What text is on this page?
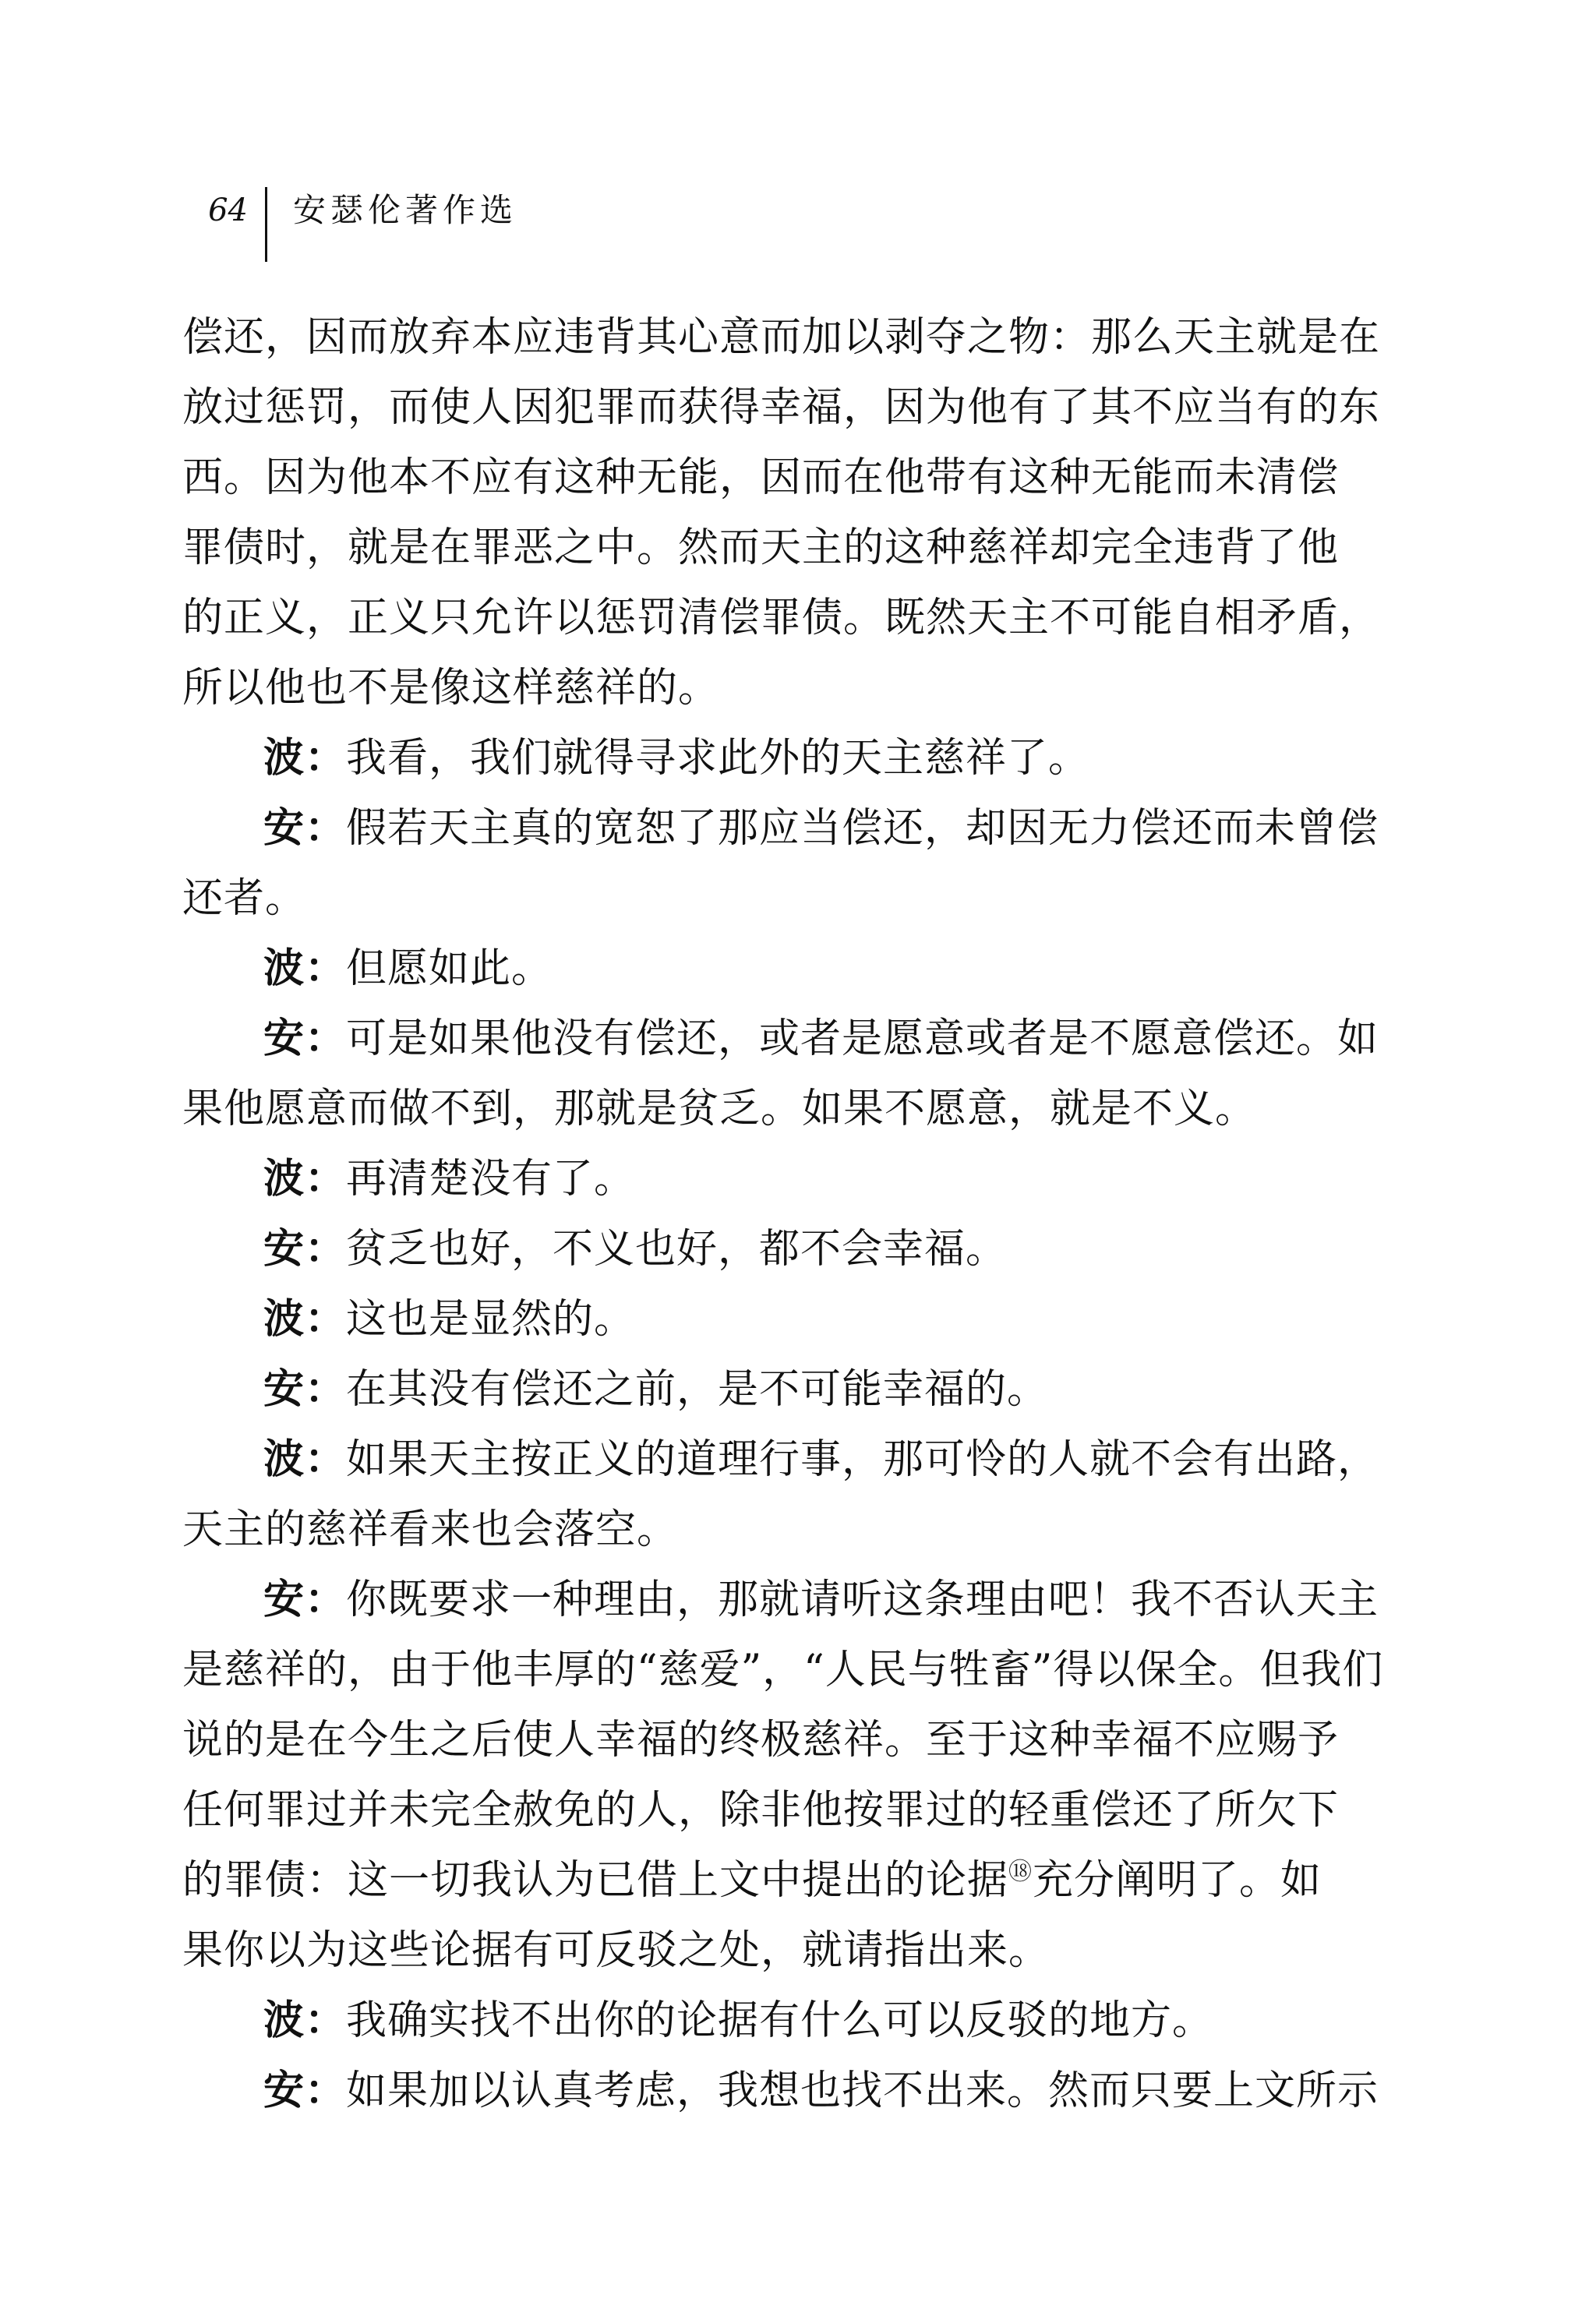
64 安瑟伦著作选
偿还，因而放弃本应违背其心意而加以剥夺之物：那么天主就是在
放过惩罚，而使人因犯罪而获得幸福，因为他有了其不应当有的东
西。因为他本不应有这种无能，因而在他带有这种无能而未清偿
罪债时，就是在罪恶之中。然而天主的这种慈祥却完全违背了他
的正义，正义只允许以惩罚清偿罪债。既然天主不可能自相矛盾，
所以他也不是像这样慈祥的。
波：我看，我们就得寻求此外的天主慈祥了。
安：假若天主真的宽恕了那应当偿还，却因无力偿还而未曾偿
还者。
波：但愿如此。
安：可是如果他没有偿还，或者是愿意或者是不愿意偿还。如
果他愿意而做不到，那就是贫乏。如果不愿意，就是不义。
波：再清楚没有了。
安：贫乏也好，不义也好，都不会幸福。
波：这也是显然的。
安：在其没有偿还之前，是不可能幸福的。
波：如果天主按正义的道理行事，那可怜的人就不会有出路，
天主的慈祥看来也会落空。
安：你既要求一种理由，那就请听这条理由吧！我不否认天主
是慈祥的，由于他丰厚的“慈爱”，“人民与牲畜”得以保全。但我们
说的是在今生之后使人幸福的终极慈祥。至于这种幸福不应赐予
任何罪过并未完全赦免的人，除非他按罪过的轻重偿还了所欠下
的罪债：这一切我认为已借上文中提出的论据⑱充分阐明了。如
果你以为这些论据有可反驳之处，就请指出来。
波：我确实找不出你的论据有什么可以反驳的地方。
安：如果加以认真考虑，我想也找不出来。然而只要上文所示
